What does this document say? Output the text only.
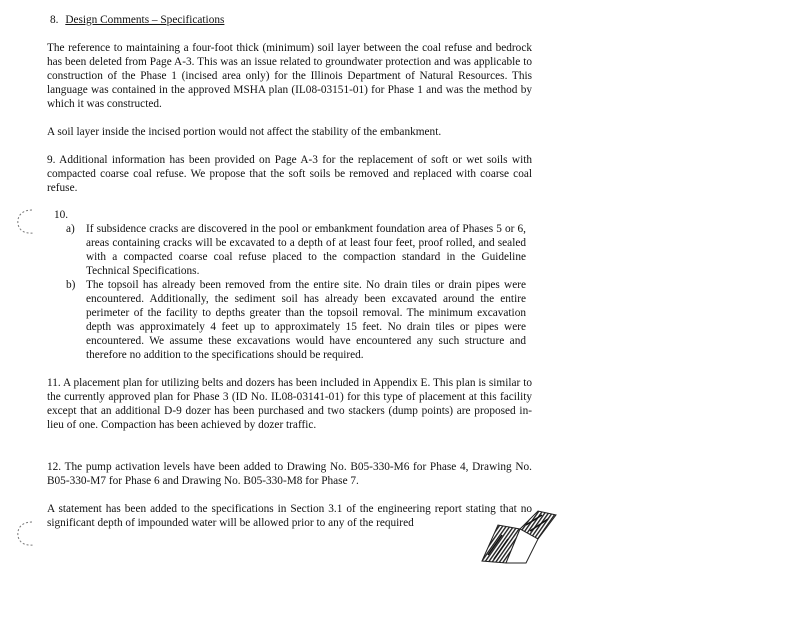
8. Design Comments – Specifications

The reference to maintaining a four-foot thick (minimum) soil layer between the coal refuse and bedrock has been deleted from Page A-3. This was an issue related to groundwater protection and was applicable to construction of the Phase 1 (incised area only) for the Illinois Department of Natural Resources. This language was contained in the approved MSHA plan (IL08-03151-01) for Phase 1 and was the method by which it was constructed.

A soil layer inside the incised portion would not affect the stability of the embankment.

9. Additional information has been provided on Page A-3 for the replacement of soft or wet soils with compacted coarse coal refuse. We propose that the soft soils be removed and replaced with coarse coal refuse.

10.

a) If subsidence cracks are discovered in the pool or embankment foundation area of Phases 5 or 6, areas containing cracks will be excavated to a depth of at least four feet, proof rolled, and sealed with a compacted coarse coal refuse placed to the compaction standard in the Guideline Technical Specifications.

b) The topsoil has already been removed from the entire site. No drain tiles or drain pipes were encountered. Additionally, the sediment soil has already been excavated around the entire perimeter of the facility to depths greater than the topsoil removal. The minimum excavation depth was approximately 4 feet up to approximately 15 feet. No drain tiles or pipes were encountered. We assume these excavations would have encountered any such structure and therefore no addition to the specifications should be required.

11. A placement plan for utilizing belts and dozers has been included in Appendix E. This plan is similar to the currently approved plan for Phase 3 (ID No. IL08-03141-01) for this type of placement at this facility except that an additional D-9 dozer has been purchased and two stackers (dump points) are proposed in-lieu of one. Compaction has been achieved by dozer traffic.

12. The pump activation levels have been added to Drawing No. B05-330-M6 for Phase 4, Drawing No. B05-330-M7 for Phase 6 and Drawing No. B05-330-M8 for Phase 7.

A statement has been added to the specifications in Section 3.1 of the engineering report stating that no significant depth of impounded water will be allowed prior to any of the required
